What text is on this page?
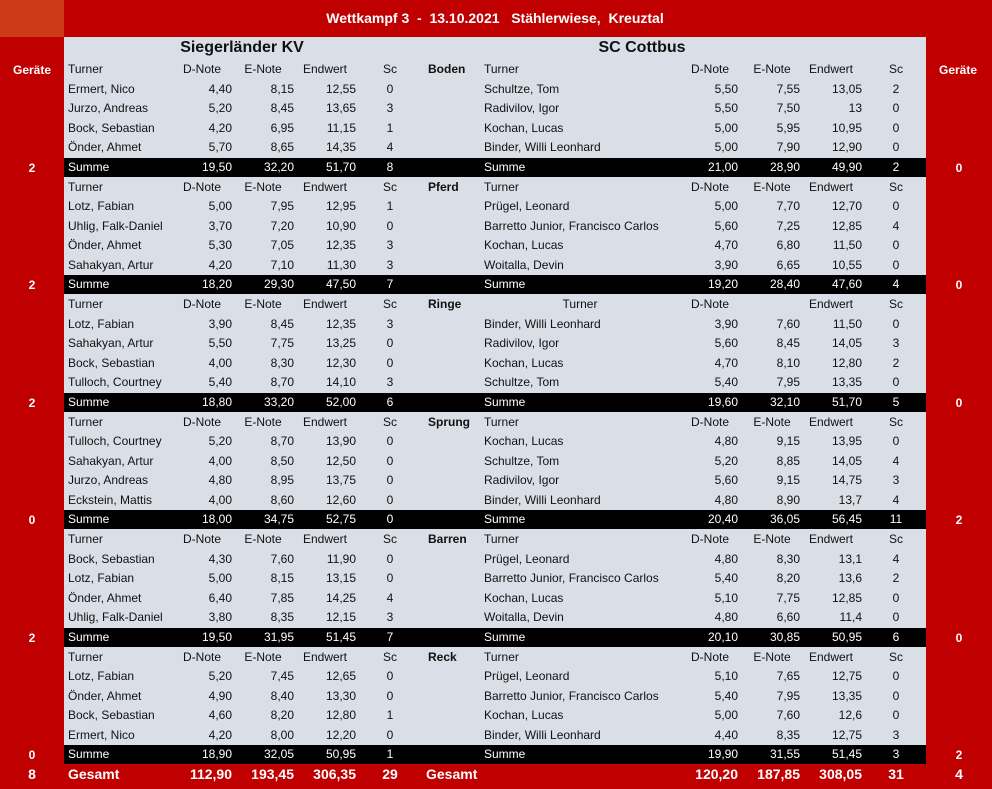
Wettkampf 3  -  13.10.2021   Stählerwiese,  Kreuztal
Siegerländer KV	SC Cottbus
Geräte	Geräte
Boden
Turner	D-Note	E-Note	Endwert	Sc	Turner	D-Note	E-Note	Endwert	Sc
Ermert, Nico	4,40	8,15	12,55	0	Schultze, Tom	5,50	7,55	13,05	2
Jurzo, Andreas	5,20	8,45	13,65	3	Radivilov, Igor	5,50	7,50	13	0
Bock, Sebastian	4,20	6,95	11,15	1	Kochan, Lucas	5,00	5,95	10,95	0
Önder, Ahmet	5,70	8,65	14,35	4	Binder, Willi Leonhard	5,00	7,90	12,90	0
Summe	19,50	32,20	51,70	8	Summe	21,00	28,90	49,90	2
2	0
Pferd
Turner	D-Note	E-Note	Endwert	Sc	Turner	D-Note	E-Note	Endwert	Sc
Lotz, Fabian	5,00	7,95	12,95	1	Prügel, Leonard	5,00	7,70	12,70	0
Uhlig, Falk-Daniel	3,70	7,20	10,90	0	Barretto Junior, Francisco Carlos	5,60	7,25	12,85	4
Önder, Ahmet	5,30	7,05	12,35	3	Kochan, Lucas	4,70	6,80	11,50	0
Sahakyan, Artur	4,20	7,10	11,30	3	Woitalla, Devin	3,90	6,65	10,55	0
Summe	18,20	29,30	47,50	7	Summe	19,20	28,40	47,60	4
2	0
Ringe
Turner	D-Note	E-Note	Endwert	Sc	Turner	D-Note	Endwert	Sc
Lotz, Fabian	3,90	8,45	12,35	3	Binder, Willi Leonhard	3,90	7,60	11,50	0
Sahakyan, Artur	5,50	7,75	13,25	0	Radivilov, Igor	5,60	8,45	14,05	3
Bock, Sebastian	4,00	8,30	12,30	0	Kochan, Lucas	4,70	8,10	12,80	2
Tulloch, Courtney	5,40	8,70	14,10	3	Schultze, Tom	5,40	7,95	13,35	0
Summe	18,80	33,20	52,00	6	Summe	19,60	32,10	51,70	5
2	0
Sprung
Turner	D-Note	E-Note	Endwert	Sc	Turner	D-Note	E-Note	Endwert	Sc
Tulloch, Courtney	5,20	8,70	13,90	0	Kochan, Lucas	4,80	9,15	13,95	0
Sahakyan, Artur	4,00	8,50	12,50	0	Schultze, Tom	5,20	8,85	14,05	4
Jurzo, Andreas	4,80	8,95	13,75	0	Radivilov, Igor	5,60	9,15	14,75	3
Eckstein, Mattis	4,00	8,60	12,60	0	Binder, Willi Leonhard	4,80	8,90	13,7	4
Summe	18,00	34,75	52,75	0	Summe	20,40	36,05	56,45	11
0	2
Barren
Turner	D-Note	E-Note	Endwert	Sc	Turner	D-Note	E-Note	Endwert	Sc
Bock, Sebastian	4,30	7,60	11,90	0	Prügel, Leonard	4,80	8,30	13,1	4
Lotz, Fabian	5,00	8,15	13,15	0	Barretto Junior, Francisco Carlos	5,40	8,20	13,6	2
Önder, Ahmet	6,40	7,85	14,25	4	Kochan, Lucas	5,10	7,75	12,85	0
Uhlig, Falk-Daniel	3,80	8,35	12,15	3	Woitalla, Devin	4,80	6,60	11,4	0
Summe	19,50	31,95	51,45	7	Summe	20,10	30,85	50,95	6
2	0
Reck
Turner	D-Note	E-Note	Endwert	Sc	Turner	D-Note	E-Note	Endwert	Sc
Lotz, Fabian	5,20	7,45	12,65	0	Prügel, Leonard	5,10	7,65	12,75	0
Önder, Ahmet	4,90	8,40	13,30	0	Barretto Junior, Francisco Carlos	5,40	7,95	13,35	0
Bock, Sebastian	4,60	8,20	12,80	1	Kochan, Lucas	5,00	7,60	12,6	0
Ermert, Nico	4,20	8,00	12,20	0	Binder, Willi Leonhard	4,40	8,35	12,75	3
Summe	18,90	32,05	50,95	1	Summe	19,90	31,55	51,45	3
0	2
8	Gesamt	112,90	193,45	306,35	29	Gesamt	120,20	187,85	308,05	31	4
